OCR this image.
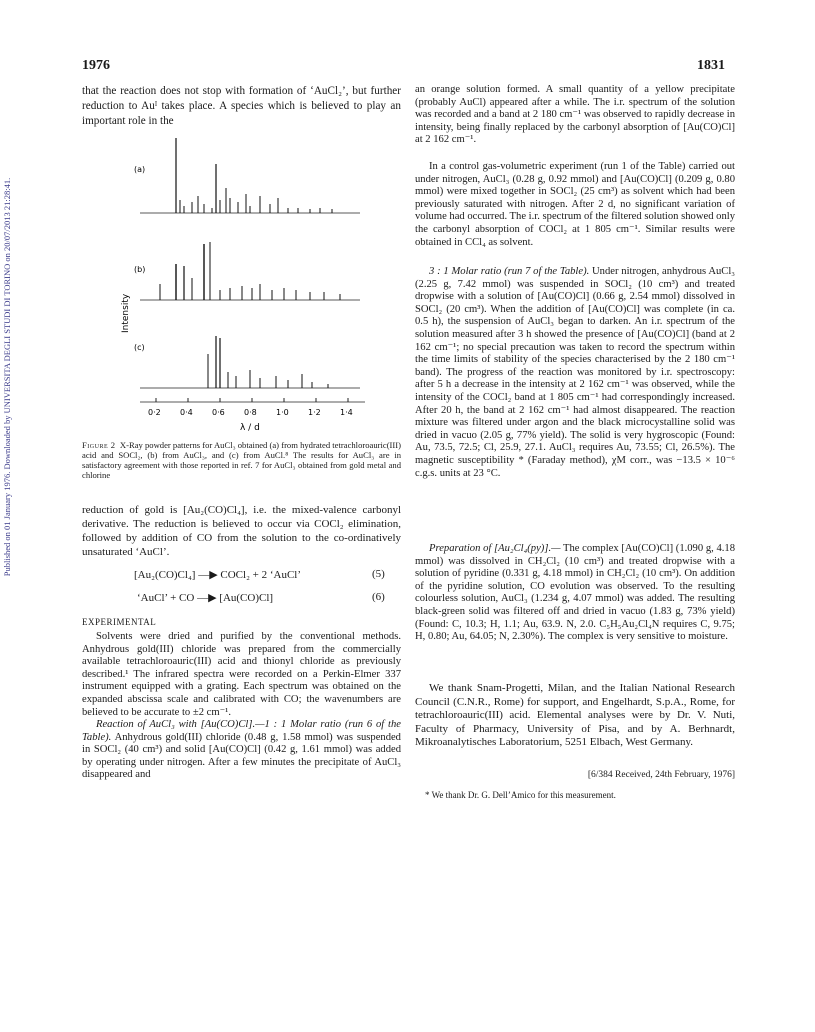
1976	1831
Published on 01 January 1976. Downloaded by UNIVERSITA DEGLI STUDI DI TORINO on 20/07/2013 21:28:41.
that the reaction does not stop with formation of ‘AuCl₂’, but further reduction to Auᴵ takes place. A species which is believed to play an important role in the
(a)
(b)
(c)
Intensity
0·2 0·4 0·6 0·8 1·0 1·2 1·4
λ / d
Figure 2 X-Ray powder patterns for AuCl₃ obtained (a) from hydrated tetrachloroauric(III) acid and SOCl₂, (b) from AuCl₃, and (c) from AuCl.⁸ The results for AuCl₃ are in satisfactory agreement with those reported in ref. 7 for AuCl₃ obtained from gold metal and chlorine
reduction of gold is [Au₂(CO)Cl₄], i.e. the mixed-valence carbonyl derivative. The reduction is believed to occur via COCl₂ elimination, followed by addition of CO from the solution to the co-ordinatively unsaturated ‘AuCl’.
[Au₂(CO)Cl₄] —▶ COCl₂ + 2 ‘AuCl’	(5)
‘AuCl’ + CO —▶ [Au(CO)Cl]	(6)
EXPERIMENTAL
Solvents were dried and purified by the conventional methods. Anhydrous gold(III) chloride was prepared from the commercially available tetrachloroauric(III) acid and thionyl chloride as previously described.¹ The infrared spectra were recorded on a Perkin-Elmer 337 instrument equipped with a grating. Each spectrum was obtained on the expanded abscissa scale and calibrated with CO; the wavenumbers are believed to be accurate to ±2 cm⁻¹.
Reaction of AuCl₃ with [Au(CO)Cl].—1 : 1 Molar ratio (run 6 of the Table). Anhydrous gold(III) chloride (0.48 g, 1.58 mmol) was suspended in SOCl₂ (40 cm³) and solid [Au(CO)Cl] (0.42 g, 1.61 mmol) was added by operating under nitrogen. After a few minutes the precipitate of AuCl₃ disappeared and
an orange solution formed. A small quantity of a yellow precipitate (probably AuCl) appeared after a while. The i.r. spectrum of the solution was recorded and a band at 2 180 cm⁻¹ was observed to rapidly decrease in intensity, being finally replaced by the carbonyl absorption of [Au(CO)Cl] at 2 162 cm⁻¹.
In a control gas-volumetric experiment (run 1 of the Table) carried out under nitrogen, AuCl₃ (0.28 g, 0.92 mmol) and [Au(CO)Cl] (0.209 g, 0.80 mmol) were mixed together in SOCl₂ (25 cm³) as solvent which had been previously saturated with nitrogen. After 2 d, no significant variation of volume had occurred. The i.r. spectrum of the filtered solution showed only the carbonyl absorption of COCl₂ at 1 805 cm⁻¹. Similar results were obtained in CCl₄ as solvent.
3 : 1 Molar ratio (run 7 of the Table). Under nitrogen, anhydrous AuCl₃ (2.25 g, 7.42 mmol) was suspended in SOCl₂ (10 cm³) and treated dropwise with a solution of [Au(CO)Cl] (0.66 g, 2.54 mmol) dissolved in SOCl₂ (20 cm³). When the addition of [Au(CO)Cl] was complete (in ca. 0.5 h), the suspension of AuCl₃ began to darken. An i.r. spectrum of the solution measured after 3 h showed the presence of [Au(CO)Cl] (band at 2 162 cm⁻¹; no special precaution was taken to record the spectrum within the time limits of stability of the species characterised by the 2 180 cm⁻¹ band). The progress of the reaction was monitored by i.r. spectroscopy: after 5 h a decrease in the intensity at 2 162 cm⁻¹ was observed, while the intensity of the COCl₂ band at 1 805 cm⁻¹ had correspondingly increased. After 20 h, the band at 2 162 cm⁻¹ had almost disappeared. The reaction mixture was filtered under argon and the black microcystalline solid was dried in vacuo (2.05 g, 77% yield). The solid is very hygroscopic (Found: Au, 73.5, 72.5; Cl, 25.9, 27.1. AuCl₃ requires Au, 73.55; Cl, 26.5%). The magnetic susceptibility * (Faraday method), χM corr., was −13.5 × 10⁻⁶ c.g.s. units at 23 °C.
Preparation of [Au₂Cl₄(py)].— The complex [Au(CO)Cl] (1.090 g, 4.18 mmol) was dissolved in CH₂Cl₂ (10 cm³) and treated dropwise with a solution of pyridine (0.331 g, 4.18 mmol) in CH₂Cl₂ (10 cm³). On addition of the pyridine solution, CO evolution was observed. To the resulting colourless solution, AuCl₃ (1.234 g, 4.07 mmol) was added. The resulting black-green solid was filtered off and dried in vacuo (1.83 g, 73% yield) (Found: C, 10.3; H, 1.1; Au, 63.9. N, 2.0. C₅H₅Au₂Cl₄N requires C, 9.75; H, 0.80; Au, 64.05; N, 2.30%). The complex is very sensitive to moisture.
We thank Snam-Progetti, Milan, and the Italian National Research Council (C.N.R., Rome) for support, and Engelhardt, S.p.A., Rome, for tetrachloroauric(III) acid. Elemental analyses were by Dr. V. Nuti, Faculty of Pharmacy, University of Pisa, and by A. Berhnardt, Mikroanalytisches Laboratorium, 5251 Elbach, West Germany.
[6/384 Received, 24th February, 1976]
* We thank Dr. G. Dell’Amico for this measurement.
